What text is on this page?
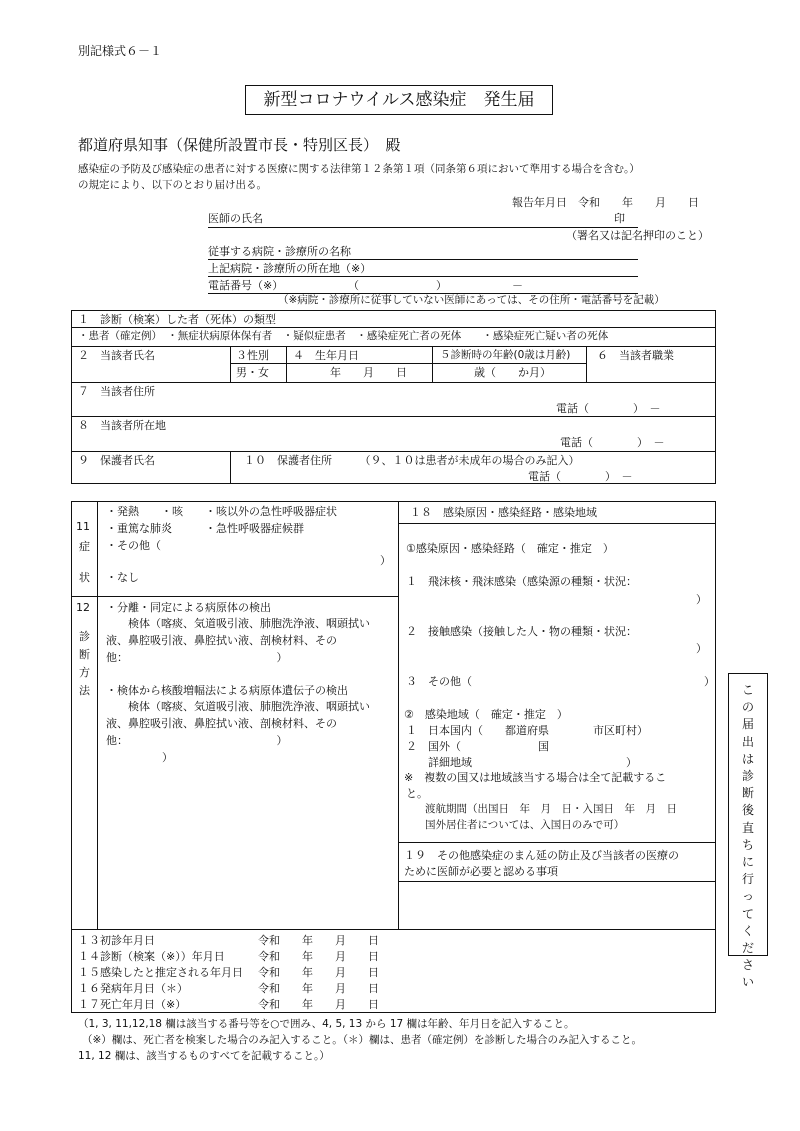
別記様式６－１
新型コロナウイルス感染症　発生届
都道府県知事（保健所設置市長・特別区長）　殿
感染症の予防及び感染症の患者に対する医療に関する法律第１２条第１項（同条第６項において準用する場合を含む。）
の規定により、以下のとおり届け出る。
報告年月日　令和　　年　　月　　日
医師の氏名	印
（署名又は記名押印のこと）
従事する病院・診療所の名称
上記病院・診療所の所在地（※）
電話番号（※）	（　　　　　　　）	－
（※病院・診療所に従事していない医師にあっては、その住所・電話番号を記載）
１　診断（検案）した者（死体）の類型
・患者（確定例）　・無症状病原体保有者　・疑似症患者　・感染症死亡者の死体　　・感染症死亡疑い者の死体
２　当該者氏名	３性別 ４　生年月日	５診断時の年齢(0歳は月齢) ６　当該者職業
男・女	年　　月　　日	歳（　　か月）
７　当該者住所
電話（　　　　）　－
８　当該者所在地
電話（　　　　）　－
９　保護者氏名	１０　保護者住所　　　（９、１０は患者が未成年の場合のみ記入）
電話（　　　　）　－
11
症
状
・発熱　　・咳　　・咳以外の急性呼吸器症状
・重篤な肺炎　　　・急性呼吸器症候群
・その他（
）
・なし
12
診
断
方
法
・分離・同定による病原体の検出
　　検体（喀痰、気道吸引液、肺胞洗浄液、咽頭拭い
液、鼻腔吸引液、鼻腔拭い液、剖検材料、その
他：　　　　　　　　　　　　　　）
・検体から核酸増幅法による病原体遺伝子の検出
　　検体（喀痰、気道吸引液、肺胞洗浄液、咽頭拭い
液、鼻腔吸引液、鼻腔拭い液、剖検材料、その
他：　　　　　　　　　　　　　　）
）
１８　感染原因・感染経路・感染地域
①感染原因・感染経路（　確定・推定　）
１　飛沫核・飛沫感染（感染源の種類・状況：
）
２　接触感染（接触した人・物の種類・状況：
）
３　その他（	）
②　感染地域（　確定・推定　）
１　日本国内（　　都道府県　　　　市区町村）
２　国外（　　　　　　　国
　　詳細地域　　　　　　　　　　　　　　）
※　複数の国又は地域該当する場合は全て記載するこ
と。
　　渡航期間（出国日　年　月　日・入国日　年　月　日
　　国外居住者については、入国日のみで可）
１９　その他感染症のまん延の防止及び当該者の医療の
ために医師が必要と認める事項
１３初診年月日	令和　　年　　月　　日
１４診断（検案（※））年月日	令和　　年　　月　　日
１５感染したと推定される年月日 令和　　年　　月　　日
１６発病年月日（＊）	令和　　年　　月　　日
１７死亡年月日（※）	令和　　年　　月　　日
（1, 3, 11,12,18 欄は該当する番号等を○で囲み、4, 5, 13 から 17 欄は年齢、年月日を記入すること。
（※）欄は、死亡者を検案した場合のみ記入すること。（＊）欄は、患者（確定例）を診断した場合のみ記入すること。
11, 12 欄は、該当するものすべてを記載すること。）
この届出は診断後直ちに行ってください
